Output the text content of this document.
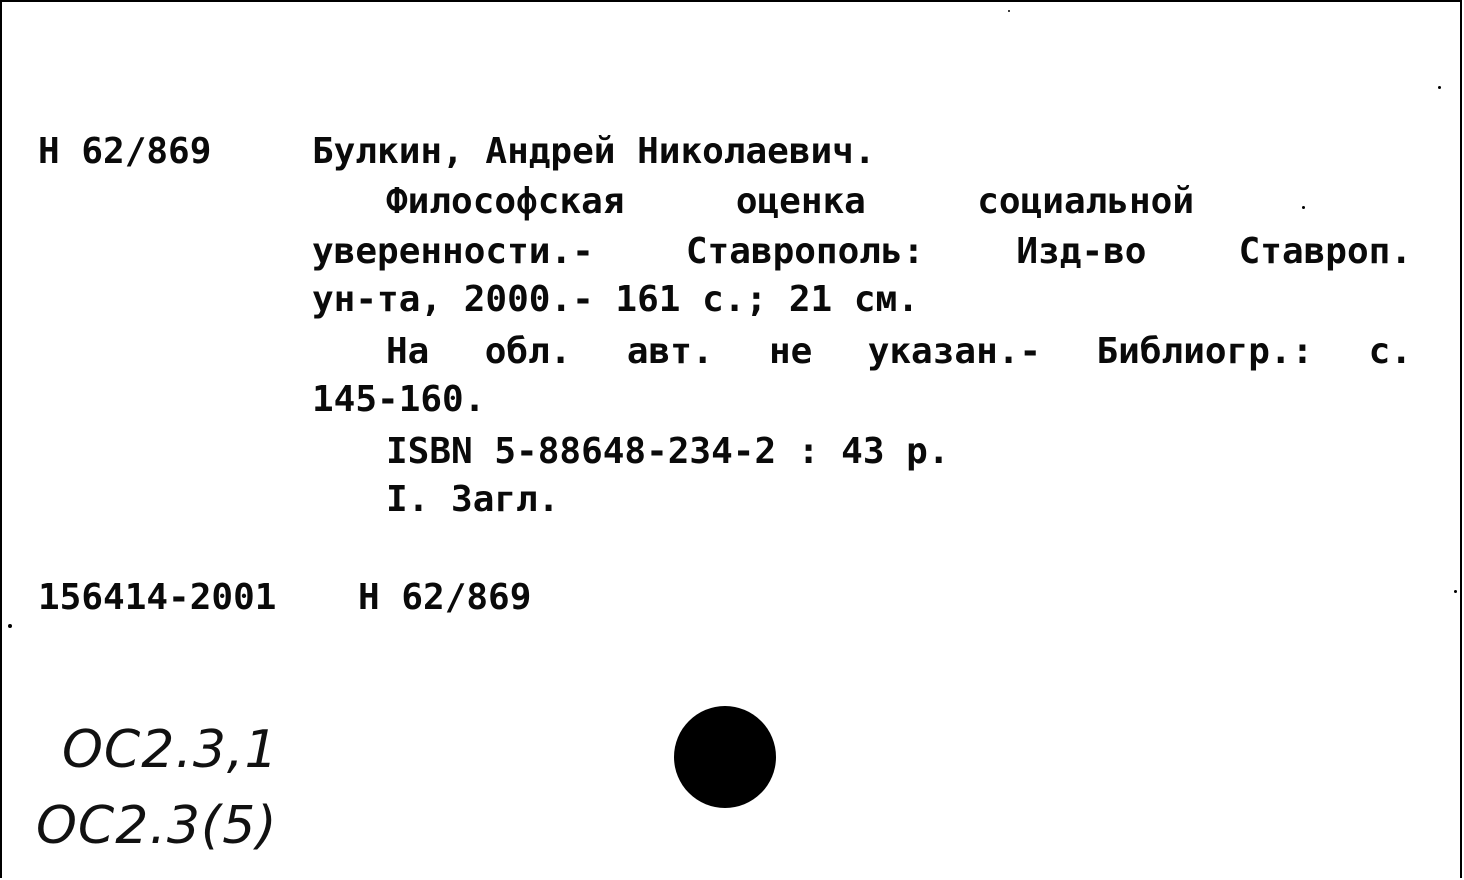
Н 62/869	Булкин, Андрей Николаевич.
Философская оценка социальной
уверенности.- Ставрополь: Изд-во Ставроп.
ун-та, 2000.- 161 с.; 21 см.
На обл. авт. не указан.- Библиогр.: с.
145-160.
ISBN 5-88648-234-2 : 43 р.
I. Загл.
156414-2001 Н 62/869
ОС2.3,1
ОС2.3(5)
